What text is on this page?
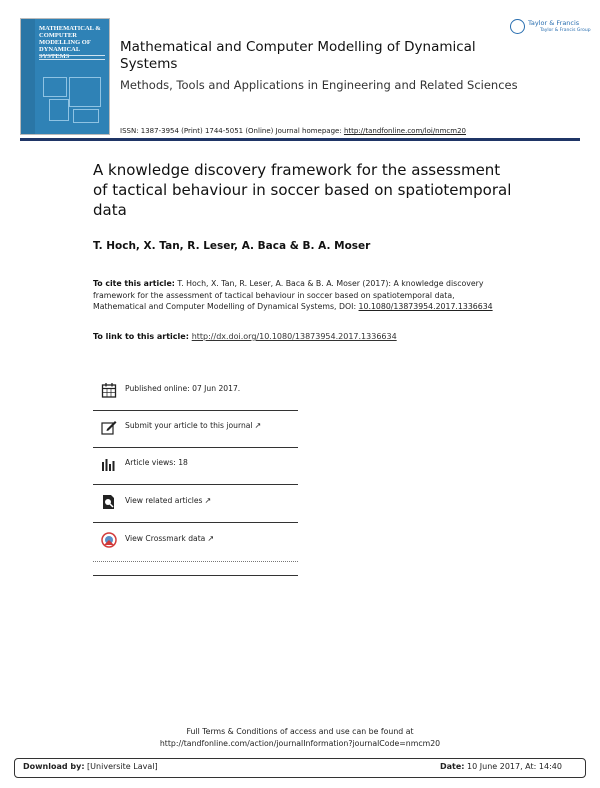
MATHEMATICAL & COMPUTER MODELLING OF DYNAMICAL SYSTEMS
Mathematical and Computer Modelling of Dynamical Systems
Methods, Tools and Applications in Engineering and Related Sciences
ISSN: 1387-3954 (Print) 1744-5051 (Online) Journal homepage: http://tandfonline.com/loi/nmcm20
Taylor & Francis
Taylor & Francis Group
A knowledge discovery framework for the assessment of tactical behaviour in soccer based on spatiotemporal data
T. Hoch, X. Tan, R. Leser, A. Baca & B. A. Moser
To cite this article: T. Hoch, X. Tan, R. Leser, A. Baca & B. A. Moser (2017): A knowledge discovery framework for the assessment of tactical behaviour in soccer based on spatiotemporal data, Mathematical and Computer Modelling of Dynamical Systems, DOI: 10.1080/13873954.2017.1336634
To link to this article: http://dx.doi.org/10.1080/13873954.2017.1336634
Published online: 07 Jun 2017.
Submit your article to this journal ↗
Article views: 18
View related articles ↗
View Crossmark data ↗
Full Terms & Conditions of access and use can be found at
http://tandfonline.com/action/journalInformation?journalCode=nmcm20
Download by: [Universite Laval]	Date: 10 June 2017, At: 14:40
